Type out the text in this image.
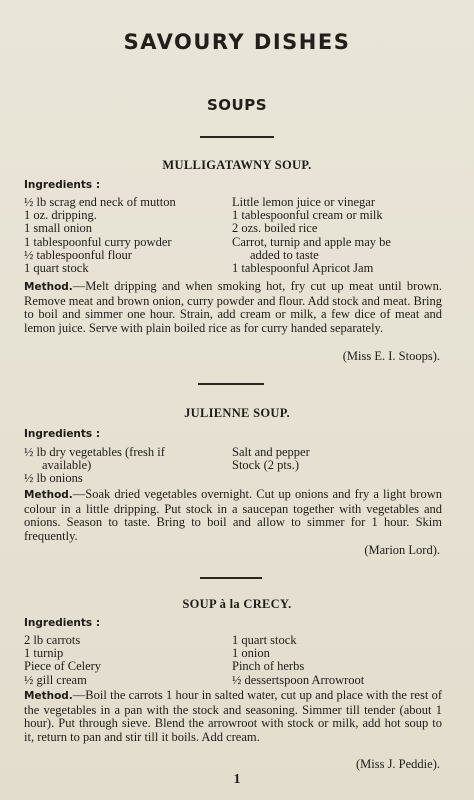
SAVOURY DISHES
SOUPS
MULLIGATAWNY SOUP.
Ingredients :
½ lb scrag end neck of mutton
1 oz. dripping.
1 small onion
1 tablespoonful curry powder
½ tablespoonful flour
1 quart stock
Little lemon juice or vinegar
1 tablespoonful cream or milk
2 ozs. boiled rice
Carrot, turnip and apple may be
added to taste
1 tablespoonful Apricot Jam
Method.—Melt dripping and when smoking hot, fry cut up meat until brown. Remove meat and brown onion, curry powder and flour. Add stock and meat. Bring to boil and simmer one hour. Strain, add cream or milk, a few dice of meat and lemon juice. Serve with plain boiled rice as for curry handed separately.
(Miss E. I. Stoops).
JULIENNE SOUP.
Ingredients :
½ lb dry vegetables (fresh if
available)
½ lb onions
Salt and pepper
Stock (2 pts.)
Method.—Soak dried vegetables overnight. Cut up onions and fry a light brown colour in a little dripping. Put stock in a saucepan together with vegetables and onions. Season to taste. Bring to boil and allow to simmer for 1 hour. Skim frequently.
(Marion Lord).
SOUP à la CRECY.
Ingredients :
2 lb carrots
1 turnip
Piece of Celery
½ gill cream
1 quart stock
1 onion
Pinch of herbs
½ dessertspoon Arrowroot
Method.—Boil the carrots 1 hour in salted water, cut up and place with the rest of the vegetables in a pan with the stock and seasoning. Simmer till tender (about 1 hour). Put through sieve. Blend the arrowroot with stock or milk, add hot soup to it, return to pan and stir till it boils. Add cream.
(Miss J. Peddie).
1
